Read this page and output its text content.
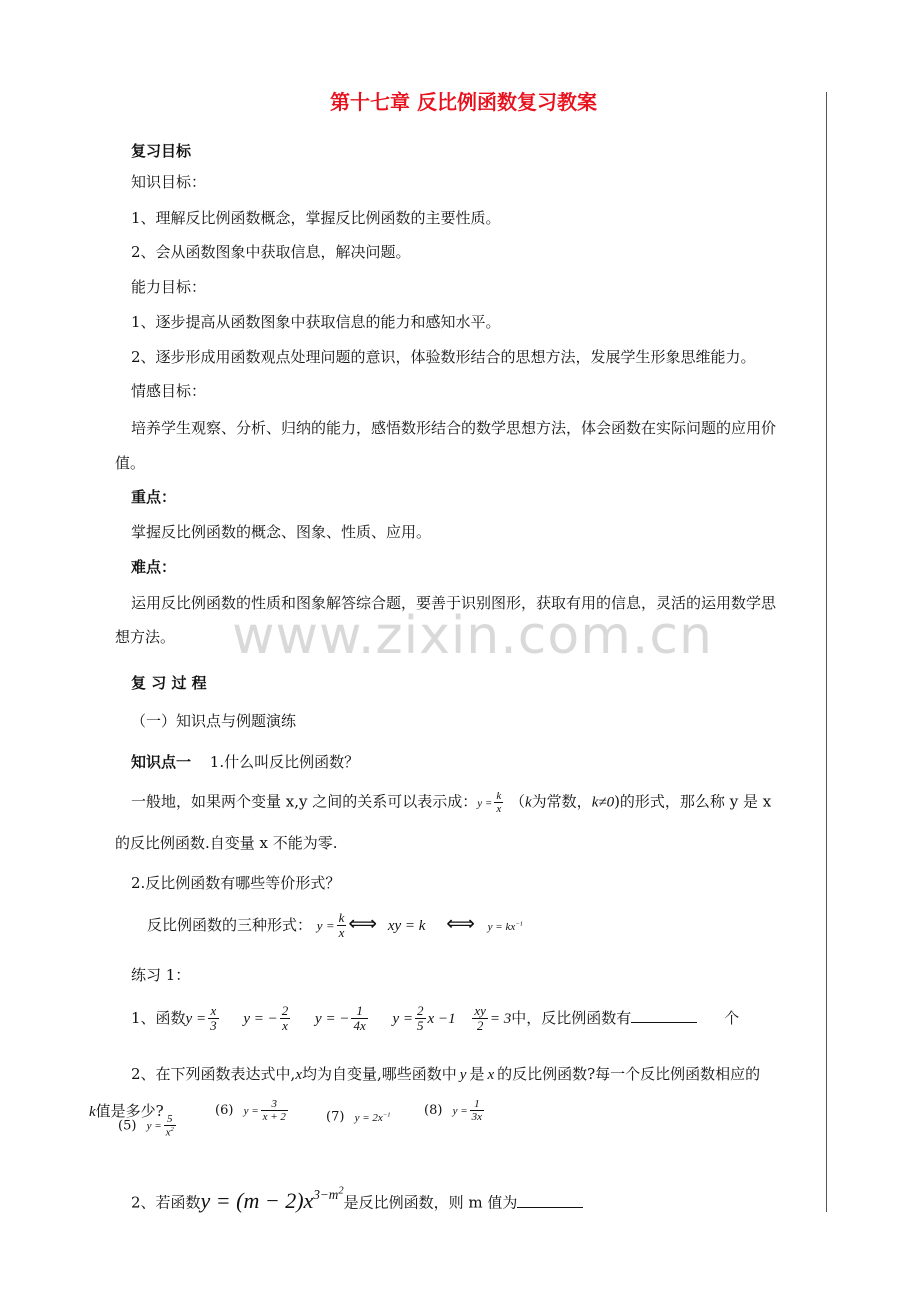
第十七章 反比例函数复习教案
复习目标
知识目标：
1、理解反比例函数概念，掌握反比例函数的主要性质。
2、会从函数图象中获取信息，解决问题。
能力目标：
1、逐步提高从函数图象中获取信息的能力和感知水平。
2、逐步形成用函数观点处理问题的意识，体验数形结合的思想方法，发展学生形象思维能力。
情感目标：
培养学生观察、分析、归纳的能力，感悟数形结合的数学思想方法，体会函数在实际问题的应用价
值。
重点：
掌握反比例函数的概念、图象、性质、应用。
难点：
运用反比例函数的性质和图象解答综合题，要善于识别图形，获取有用的信息，灵活的运用数学思
想方法。 www.zixin.com.cn
复 习 过 程
（一）知识点与例题演练
知识点一 1.什么叫反比例函数？
一般地，如果两个变量 x,y 之间的关系可以表示成：$y = \frac{k}{x} (k$为常数，k≠0)的形式，那么称 y 是 x
的反比例函数.自变量 x 不能为零.
2.反比例函数有哪些等价形式？
反比例函数的三种形式： $y = \frac{k}{x}$ ⟺ xy = k ⟺ $y = kx^{-1}$
练习 1：
1、函数$y = \frac{x}{3}$ y = − $\frac{2}{x}$ y = − $\frac{1}{4x}$ $y = \frac{2}{5}$ $x -1 \frac{xy}{2} = 3$中，反比例函数有	个
2、在下列函数表达式中,x均为自变量,哪些函数中 y 是 x 的反比例函数?每一个反比例函数相应的
k值是多少?
(5) $y = \frac{5}{x^2}$
(6) $y = \frac{3}{x + 2}$	(7) $y = 2x^{-1}$	(8) $y = \frac{1}{3x}$
2、若函数$y = (m - 2)x^{3-m^2}$是反比例函数，则 m 值为
